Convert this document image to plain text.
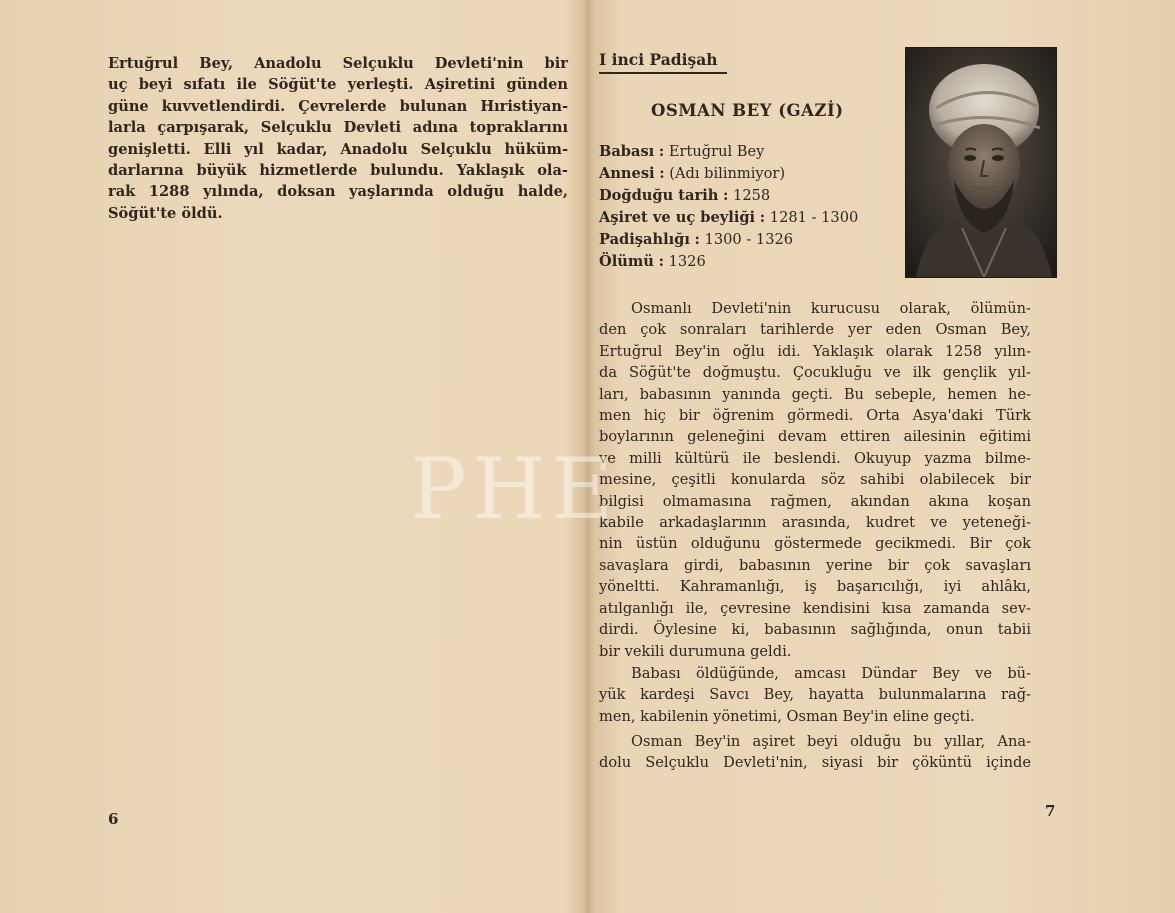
Ertuğrul Bey, Anadolu Selçuklu Devleti'nin bir
uç beyi sıfatı ile Söğüt'te yerleşti. Aşiretini günden
güne kuvvetlendirdi. Çevrelerde bulunan Hıristiyan-
larla çarpışarak, Selçuklu Devleti adına topraklarını
genişletti. Elli yıl kadar, Anadolu Selçuklu hüküm-
darlarına büyük hizmetlerde bulundu. Yaklaşık ola-
rak 1288 yılında, doksan yaşlarında olduğu halde,
Söğüt'te öldü.
6
I inci Padişah
OSMAN BEY (GAZİ)
Babası : Ertuğrul Bey
Annesi : (Adı bilinmiyor)
Doğduğu tarih : 1258
Aşiret ve uç beyliği : 1281 - 1300
Padişahlığı : 1300 - 1326
Ölümü : 1326
Osmanlı Devleti'nin kurucusu olarak, ölümün-
den çok sonraları tarihlerde yer eden Osman Bey,
Ertuğrul Bey'in oğlu idi. Yaklaşık olarak 1258 yılın-
da Söğüt'te doğmuştu. Çocukluğu ve ilk gençlik yıl-
ları, babasının yanında geçti. Bu sebeple, hemen he-
men hiç bir öğrenim görmedi. Orta Asya'daki Türk
boylarının geleneğini devam ettiren ailesinin eğitimi
ve milli kültürü ile beslendi. Okuyup yazma bilme-
mesine, çeşitli konularda söz sahibi olabilecek bir
bilgisi olmamasına rağmen, akından akına koşan
kabile arkadaşlarının arasında, kudret ve yeteneği-
nin üstün olduğunu göstermede gecikmedi. Bir çok
savaşlara girdi, babasının yerine bir çok savaşları
yöneltti. Kahramanlığı, iş başarıcılığı, iyi ahlâkı,
atılganlığı ile, çevresine kendisini kısa zamanda sev-
dirdi. Öylesine ki, babasının sağlığında, onun tabii
bir vekili durumuna geldi.
Babası öldüğünde, amcası Dündar Bey ve bü-
yük kardeşi Savcı Bey, hayatta bulunmalarına rağ-
men, kabilenin yönetimi, Osman Bey'in eline geçti.
Osman Bey'in aşiret beyi olduğu bu yıllar, Ana-
dolu Selçuklu Devleti'nin, siyasi bir çöküntü içinde
7
PHE
